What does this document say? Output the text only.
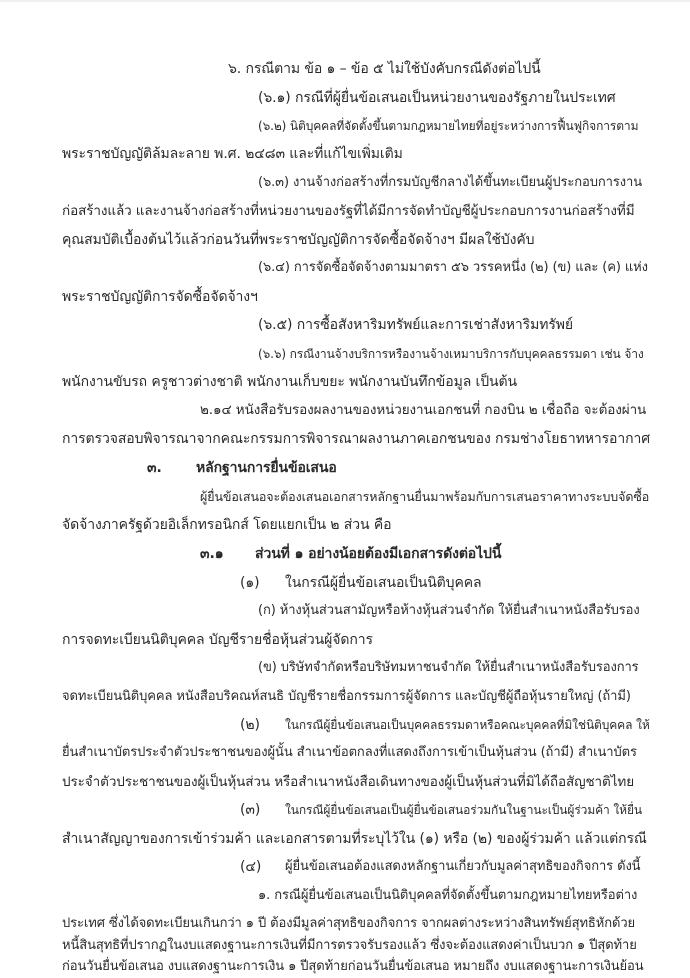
๖. กรณีตาม ข้อ ๑ – ข้อ ๕ ไม่ใช้บังคับกรณีดังต่อไปนี้
(๖.๑) กรณีที่ผู้ยื่นข้อเสนอเป็นหน่วยงานของรัฐภายในประเทศ
(๖.๒) นิติบุคคลที่จัดตั้งขึ้นตามกฎหมายไทยที่อยู่ระหว่างการฟื้นฟูกิจการตาม
พระราชบัญญัติล้มละลาย พ.ศ. ๒๔๘๓ และที่แก้ไขเพิ่มเติม
(๖.๓) งานจ้างก่อสร้างที่กรมบัญชีกลางได้ขึ้นทะเบียนผู้ประกอบการงาน
ก่อสร้างแล้ว และงานจ้างก่อสร้างที่หน่วยงานของรัฐที่ได้มีการจัดทำบัญชีผู้ประกอบการงานก่อสร้างที่มี
คุณสมบัติเบื้องต้นไว้แล้วก่อนวันที่พระราชบัญญัติการจัดซื้อจัดจ้างฯ มีผลใช้บังคับ
(๖.๔) การจัดซื้อจัดจ้างตามมาตรา ๕๖ วรรคหนึ่ง (๒) (ข) และ (ค) แห่ง
พระราชบัญญัติการจัดซื้อจัดจ้างฯ
(๖.๕) การซื้อสังหาริมทรัพย์และการเช่าสังหาริมทรัพย์
(๖.๖) กรณีงานจ้างบริการหรืองานจ้างเหมาบริการกับบุคคลธรรมดา เช่น จ้าง
พนักงานขับรถ ครูชาวต่างชาติ พนักงานเก็บขยะ พนักงานบันทึกข้อมูล เป็นต้น
๒.๑๔ หนังสือรับรองผลงานของหน่วยงานเอกชนที่ กองบิน ๒ เชื่อถือ จะต้องผ่าน
การตรวจสอบพิจารณาจากคณะกรรมการพิจารณาผลงานภาคเอกชนของ กรมช่างโยธาทหารอากาศ
๓. หลักฐานการยื่นข้อเสนอ
ผู้ยื่นข้อเสนอจะต้องเสนอเอกสารหลักฐานยื่นมาพร้อมกับการเสนอราคาทางระบบจัดซื้อ
จัดจ้างภาครัฐด้วยอิเล็กทรอนิกส์ โดยแยกเป็น ๒ ส่วน คือ
๓.๑ ส่วนที่ ๑ อย่างน้อยต้องมีเอกสารดังต่อไปนี้
(๑) ในกรณีผู้ยื่นข้อเสนอเป็นนิติบุคคล
(ก) ห้างหุ้นส่วนสามัญหรือห้างหุ้นส่วนจำกัด ให้ยื่นสำเนาหนังสือรับรอง
การจดทะเบียนนิติบุคคล บัญชีรายชื่อหุ้นส่วนผู้จัดการ
(ข) บริษัทจำกัดหรือบริษัทมหาชนจำกัด ให้ยื่นสำเนาหนังสือรับรองการ
จดทะเบียนนิติบุคคล หนังสือบริคณห์สนธิ บัญชีรายชื่อกรรมการผู้จัดการ และบัญชีผู้ถือหุ้นรายใหญ่ (ถ้ามี)
(๒) ในกรณีผู้ยื่นข้อเสนอเป็นบุคคลธรรมดาหรือคณะบุคคลที่มิใช่นิติบุคคล ให้
ยื่นสำเนาบัตรประจำตัวประชาชนของผู้นั้น สำเนาข้อตกลงที่แสดงถึงการเข้าเป็นหุ้นส่วน (ถ้ามี) สำเนาบัตร
ประจำตัวประชาชนของผู้เป็นหุ้นส่วน หรือสำเนาหนังสือเดินทางของผู้เป็นหุ้นส่วนที่มิได้ถือสัญชาติไทย
(๓) ในกรณีผู้ยื่นข้อเสนอเป็นผู้ยื่นข้อเสนอร่วมกันในฐานะเป็นผู้ร่วมค้า ให้ยื่น
สำเนาสัญญาของการเข้าร่วมค้า และเอกสารตามที่ระบุไว้ใน (๑) หรือ (๒) ของผู้ร่วมค้า แล้วแต่กรณี
(๔) ผู้ยื่นข้อเสนอต้องแสดงหลักฐานเกี่ยวกับมูลค่าสุทธิของกิจการ ดังนี้
๑. กรณีผู้ยื่นข้อเสนอเป็นนิติบุคคลที่จัดตั้งขึ้นตามกฎหมายไทยหรือต่าง
ประเทศ ซึ่งได้จดทะเบียนเกินกว่า ๑ ปี ต้องมีมูลค่าสุทธิของกิจการ จากผลต่างระหว่างสินทรัพย์สุทธิหักด้วย
หนี้สินสุทธิที่ปรากฏในงบแสดงฐานะการเงินที่มีการตรวจรับรองแล้ว ซึ่งจะต้องแสดงค่าเป็นบวก ๑ ปีสุดท้าย
ก่อนวันยื่นข้อเสนอ งบแสดงฐานะการเงิน ๑ ปีสุดท้ายก่อนวันยื่นข้อเสนอ หมายถึง งบแสดงฐานะการเงินย้อน
